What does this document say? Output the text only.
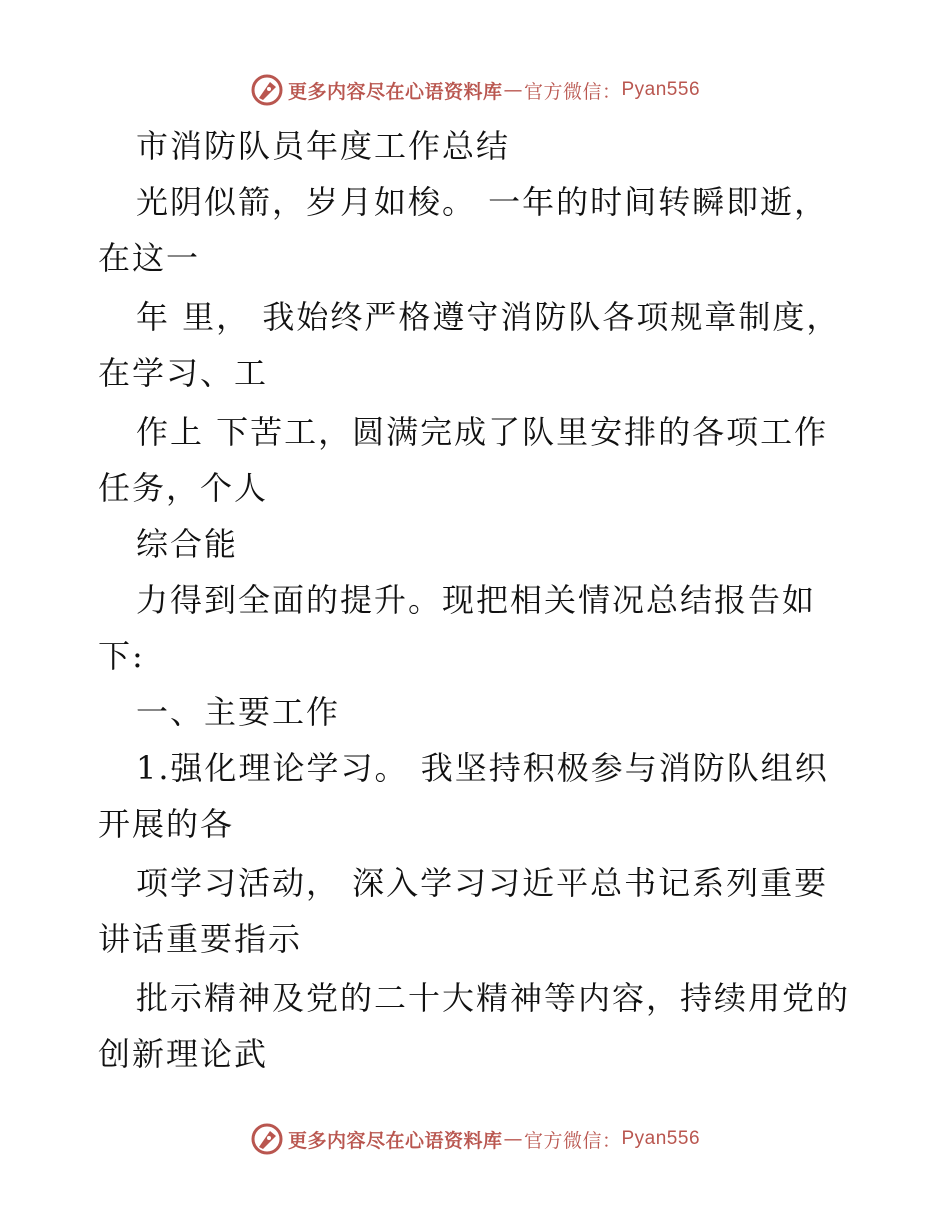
更多内容尽在心语资料库 — 官方微信： Pyan556
市消防队员年度工作总结
光阴似箭，岁月如梭。 一年的时间转瞬即逝，
在这一
年 里， 我始终严格遵守消防队各项规章制度，
在学习、工
作上 下苦工，圆满完成了队里安排的各项工作
任务，个人
综合能
力得到全面的提升。现把相关情况总结报告如
下:
一、主要工作
1.强化理论学习。 我坚持积极参与消防队组织
开展的各
项学习活动， 深入学习习近平总书记系列重要
讲话重要指示
批示精神及党的二十大精神等内容，持续用党的
创新理论武
更多内容尽在心语资料库 — 官方微信： Pyan556
